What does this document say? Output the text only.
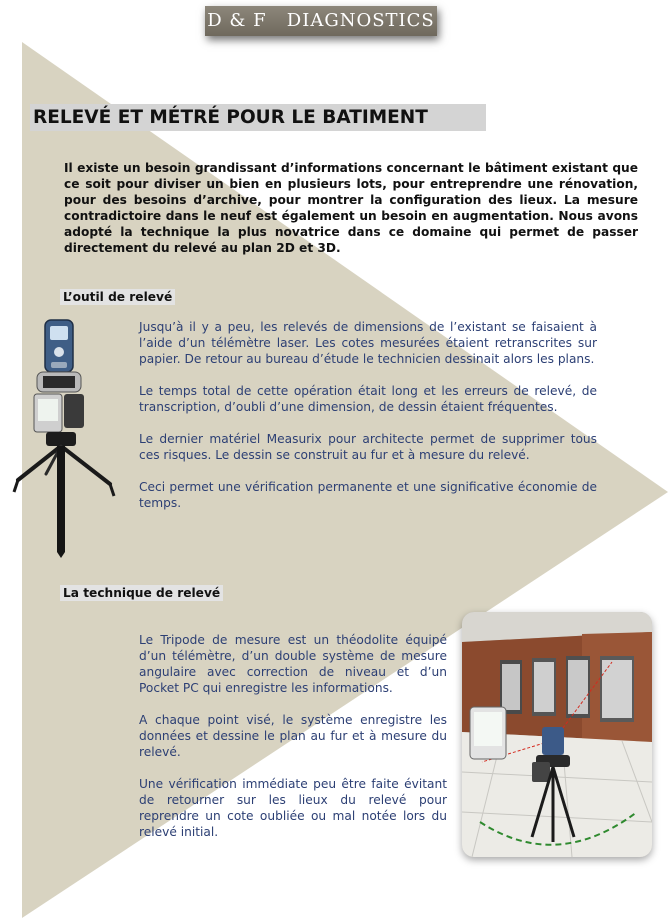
D & F   DIAGNOSTICS
RELEVÉ ET MÉTRÉ POUR LE BATIMENT

Il existe un besoin grandissant d’informations concernant le bâtiment existant que ce soit pour diviser un bien en plusieurs lots, pour entreprendre une rénovation, pour des besoins d’archive, pour montrer la configuration des lieux. La mesure contradictoire dans le neuf est également un besoin en augmentation. Nous avons adopté la technique la plus novatrice dans ce domaine qui permet de passer directement du relevé au plan 2D et 3D.

L’outil de relevé

Jusqu’à il y a peu, les relevés de dimensions de l’existant se faisaient à l’aide d’un télémètre laser. Les cotes mesurées étaient retranscrites sur papier. De retour au bureau d’étude le technicien dessinait alors les plans.

Le temps total de cette opération était long et les erreurs de relevé, de transcription, d’oubli d’une dimension, de dessin étaient fréquentes.

Le dernier matériel Measurix pour architecte permet de supprimer tous ces risques. Le dessin se construit au fur et à mesure du relevé.

Ceci permet une vérification permanente et une significative économie de temps.

La technique de relevé

Le Tripode de mesure est un théodolite équipé d’un télémètre, d’un double système de mesure angulaire avec correction de niveau et d’un Pocket PC qui enregistre les informations.

A chaque point visé, le système enregistre les données et dessine le plan au fur et à mesure du relevé.

Une vérification immédiate peu être faite évitant de retourner sur les lieux du relevé pour reprendre un cote oubliée ou mal notée lors du relevé initial.
